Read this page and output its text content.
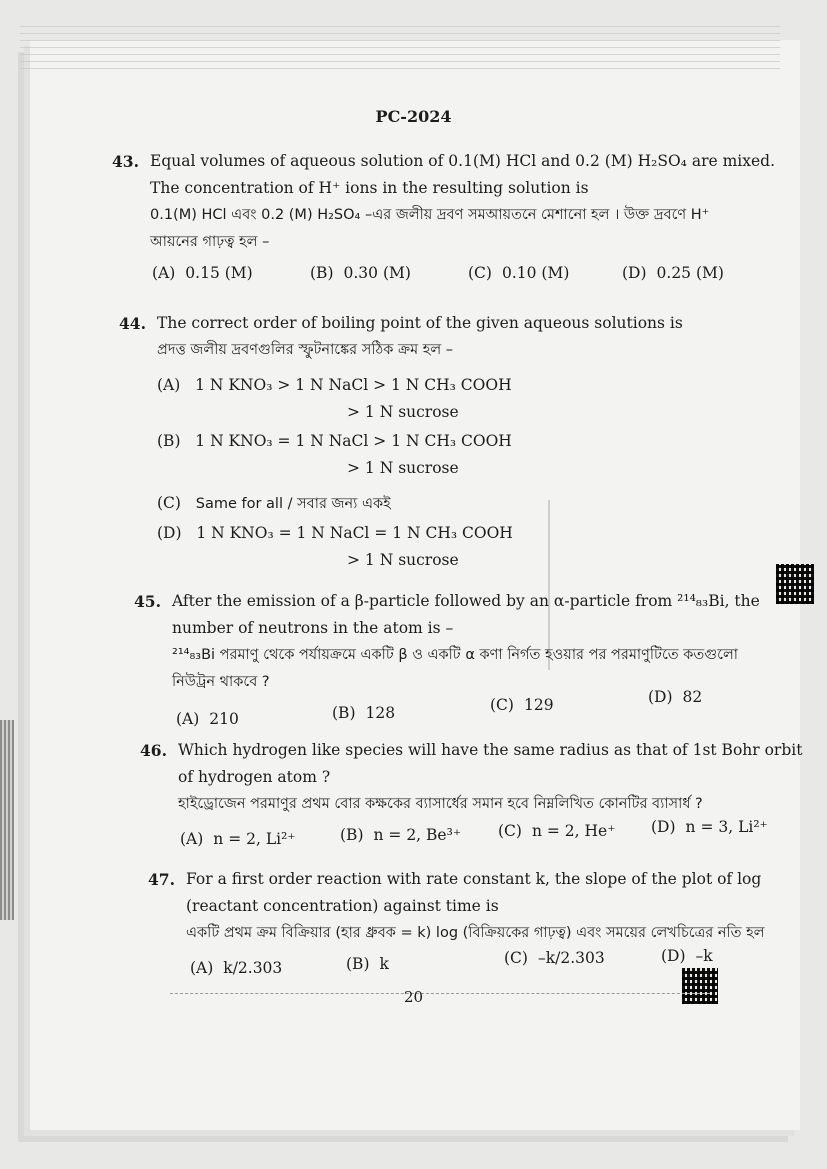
PC-2024
43. Equal volumes of aqueous solution of 0.1(M) HCl and 0.2 (M) H₂SO₄ are mixed.
The concentration of H⁺ ions in the resulting solution is
0.1(M) HCl এবং 0.2 (M) H₂SO₄ –এর জলীয় দ্রবণ সমআয়তনে মেশানো হল । উক্ত দ্রবণে H⁺
আয়নের গাঢ়ত্ব হল –
(A) 0.15 (M)	(B) 0.30 (M)	(C) 0.10 (M)	(D) 0.25 (M)
44. The correct order of boiling point of the given aqueous solutions is
প্রদত্ত জলীয় দ্রবণগুলির স্ফুটনাঙ্কের সঠিক ক্রম হল –
(A) 1 N KNO₃ > 1 N NaCl > 1 N CH₃ COOH
> 1 N sucrose
(B) 1 N KNO₃ = 1 N NaCl > 1 N CH₃ COOH
> 1 N sucrose
(C) Same for all / সবার জন্য একই
(D) 1 N KNO₃ = 1 N NaCl = 1 N CH₃ COOH
> 1 N sucrose
45. After the emission of a β-particle followed by an α-particle from ²¹⁴₈₃Bi, the
number of neutrons in the atom is –
²¹⁴₈₃Bi পরমাণু থেকে পর্যায়ক্রমে একটি β ও একটি α কণা নির্গত হওয়ার পর পরমাণুটিতে কতগুলো
নিউট্রন থাকবে ?
(A) 210	(B) 128	(C) 129	(D) 82
46. Which hydrogen like species will have the same radius as that of 1st Bohr orbit
of hydrogen atom ?
হাইড্রোজেন পরমাণুর প্রথম বোর কক্ষকের ব্যাসার্ধের সমান হবে নিম্নলিখিত কোনটির ব্যাসার্ধ ?
(A) n = 2, Li²⁺	(B) n = 2, Be³⁺ (C) n = 2, He⁺ (D) n = 3, Li²⁺
47. For a first order reaction with rate constant k, the slope of the plot of log
(reactant concentration) against time is
একটি প্রথম ক্রম বিক্রিয়ার (হার ধ্রুবক = k) log (বিক্রিয়কের গাঢ়ত্ব) এবং সময়ের লেখচিত্রের নতি হল
(A) k/2.303	(B) k	(C) –k/2.303	(D) –k
20
